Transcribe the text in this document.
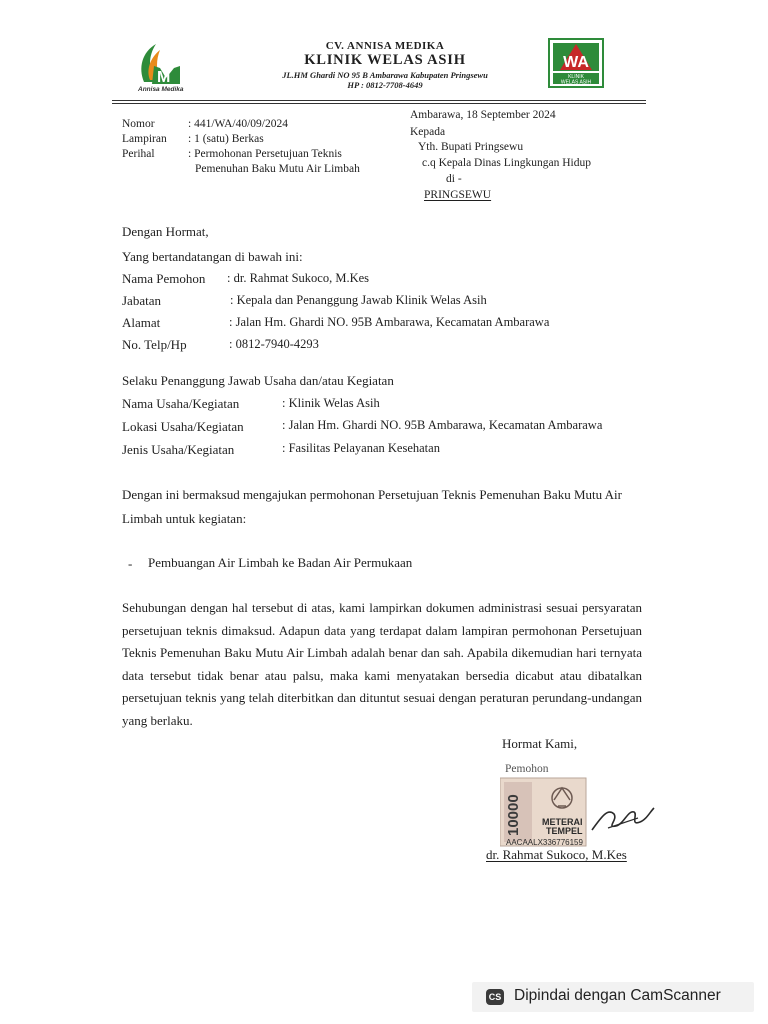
M
Annisa Medika
CV. ANNISA MEDIKA
KLINIK WELAS ASIH
JL.HM Ghardi NO 95 B Ambarawa Kabupaten Pringsewu
HP : 0812-7708-4649
WA
KLINIK
WELAS ASIH
Nomor	: 441/WA/40/09/2024
Lampiran : 1 (satu) Berkas
Perihal	: Permohonan Persetujuan Teknis
Pemenuhan Baku Mutu Air Limbah
Ambarawa, 18 September 2024
Kepada
Yth. Bupati Pringsewu
c.q Kepala Dinas Lingkungan Hidup
di -
PRINGSEWU
Dengan Hormat,
Yang bertandatangan di bawah ini:
Nama Pemohon : dr. Rahmat Sukoco, M.Kes
Jabatan	: Kepala dan Penanggung Jawab Klinik Welas Asih
Alamat	: Jalan Hm. Ghardi NO. 95B Ambarawa, Kecamatan Ambarawa
No. Telp/Hp	: 0812-7940-4293
Selaku Penanggung Jawab Usaha dan/atau Kegiatan
Nama Usaha/Kegiatan	: Klinik Welas Asih
Lokasi Usaha/Kegiatan	: Jalan Hm. Ghardi NO. 95B Ambarawa, Kecamatan Ambarawa
Jenis Usaha/Kegiatan	: Fasilitas Pelayanan Kesehatan
Dengan ini bermaksud mengajukan permohonan Persetujuan Teknis Pemenuhan Baku Mutu Air
Limbah untuk kegiatan:
- Pembuangan Air Limbah ke Badan Air Permukaan
Sehubungan dengan hal tersebut di atas, kami lampirkan dokumen administrasi sesuai persyaratan persetujuan teknis dimaksud. Adapun data yang terdapat dalam lampiran permohonan Persetujuan Teknis Pemenuhan Baku Mutu Air Limbah adalah benar dan sah. Apabila dikemudian hari ternyata data tersebut tidak benar atau palsu, maka kami menyatakan bersedia dicabut atau dibatalkan persetujuan teknis yang telah diterbitkan dan dituntut sesuai dengan peraturan perundang-undangan yang berlaku.
Hormat Kami,
Pemohon
10000 METERAI
TEMPEL
AACAALX336776159
dr. Rahmat Sukoco, M.Kes
CS Dipindai dengan CamScanner
